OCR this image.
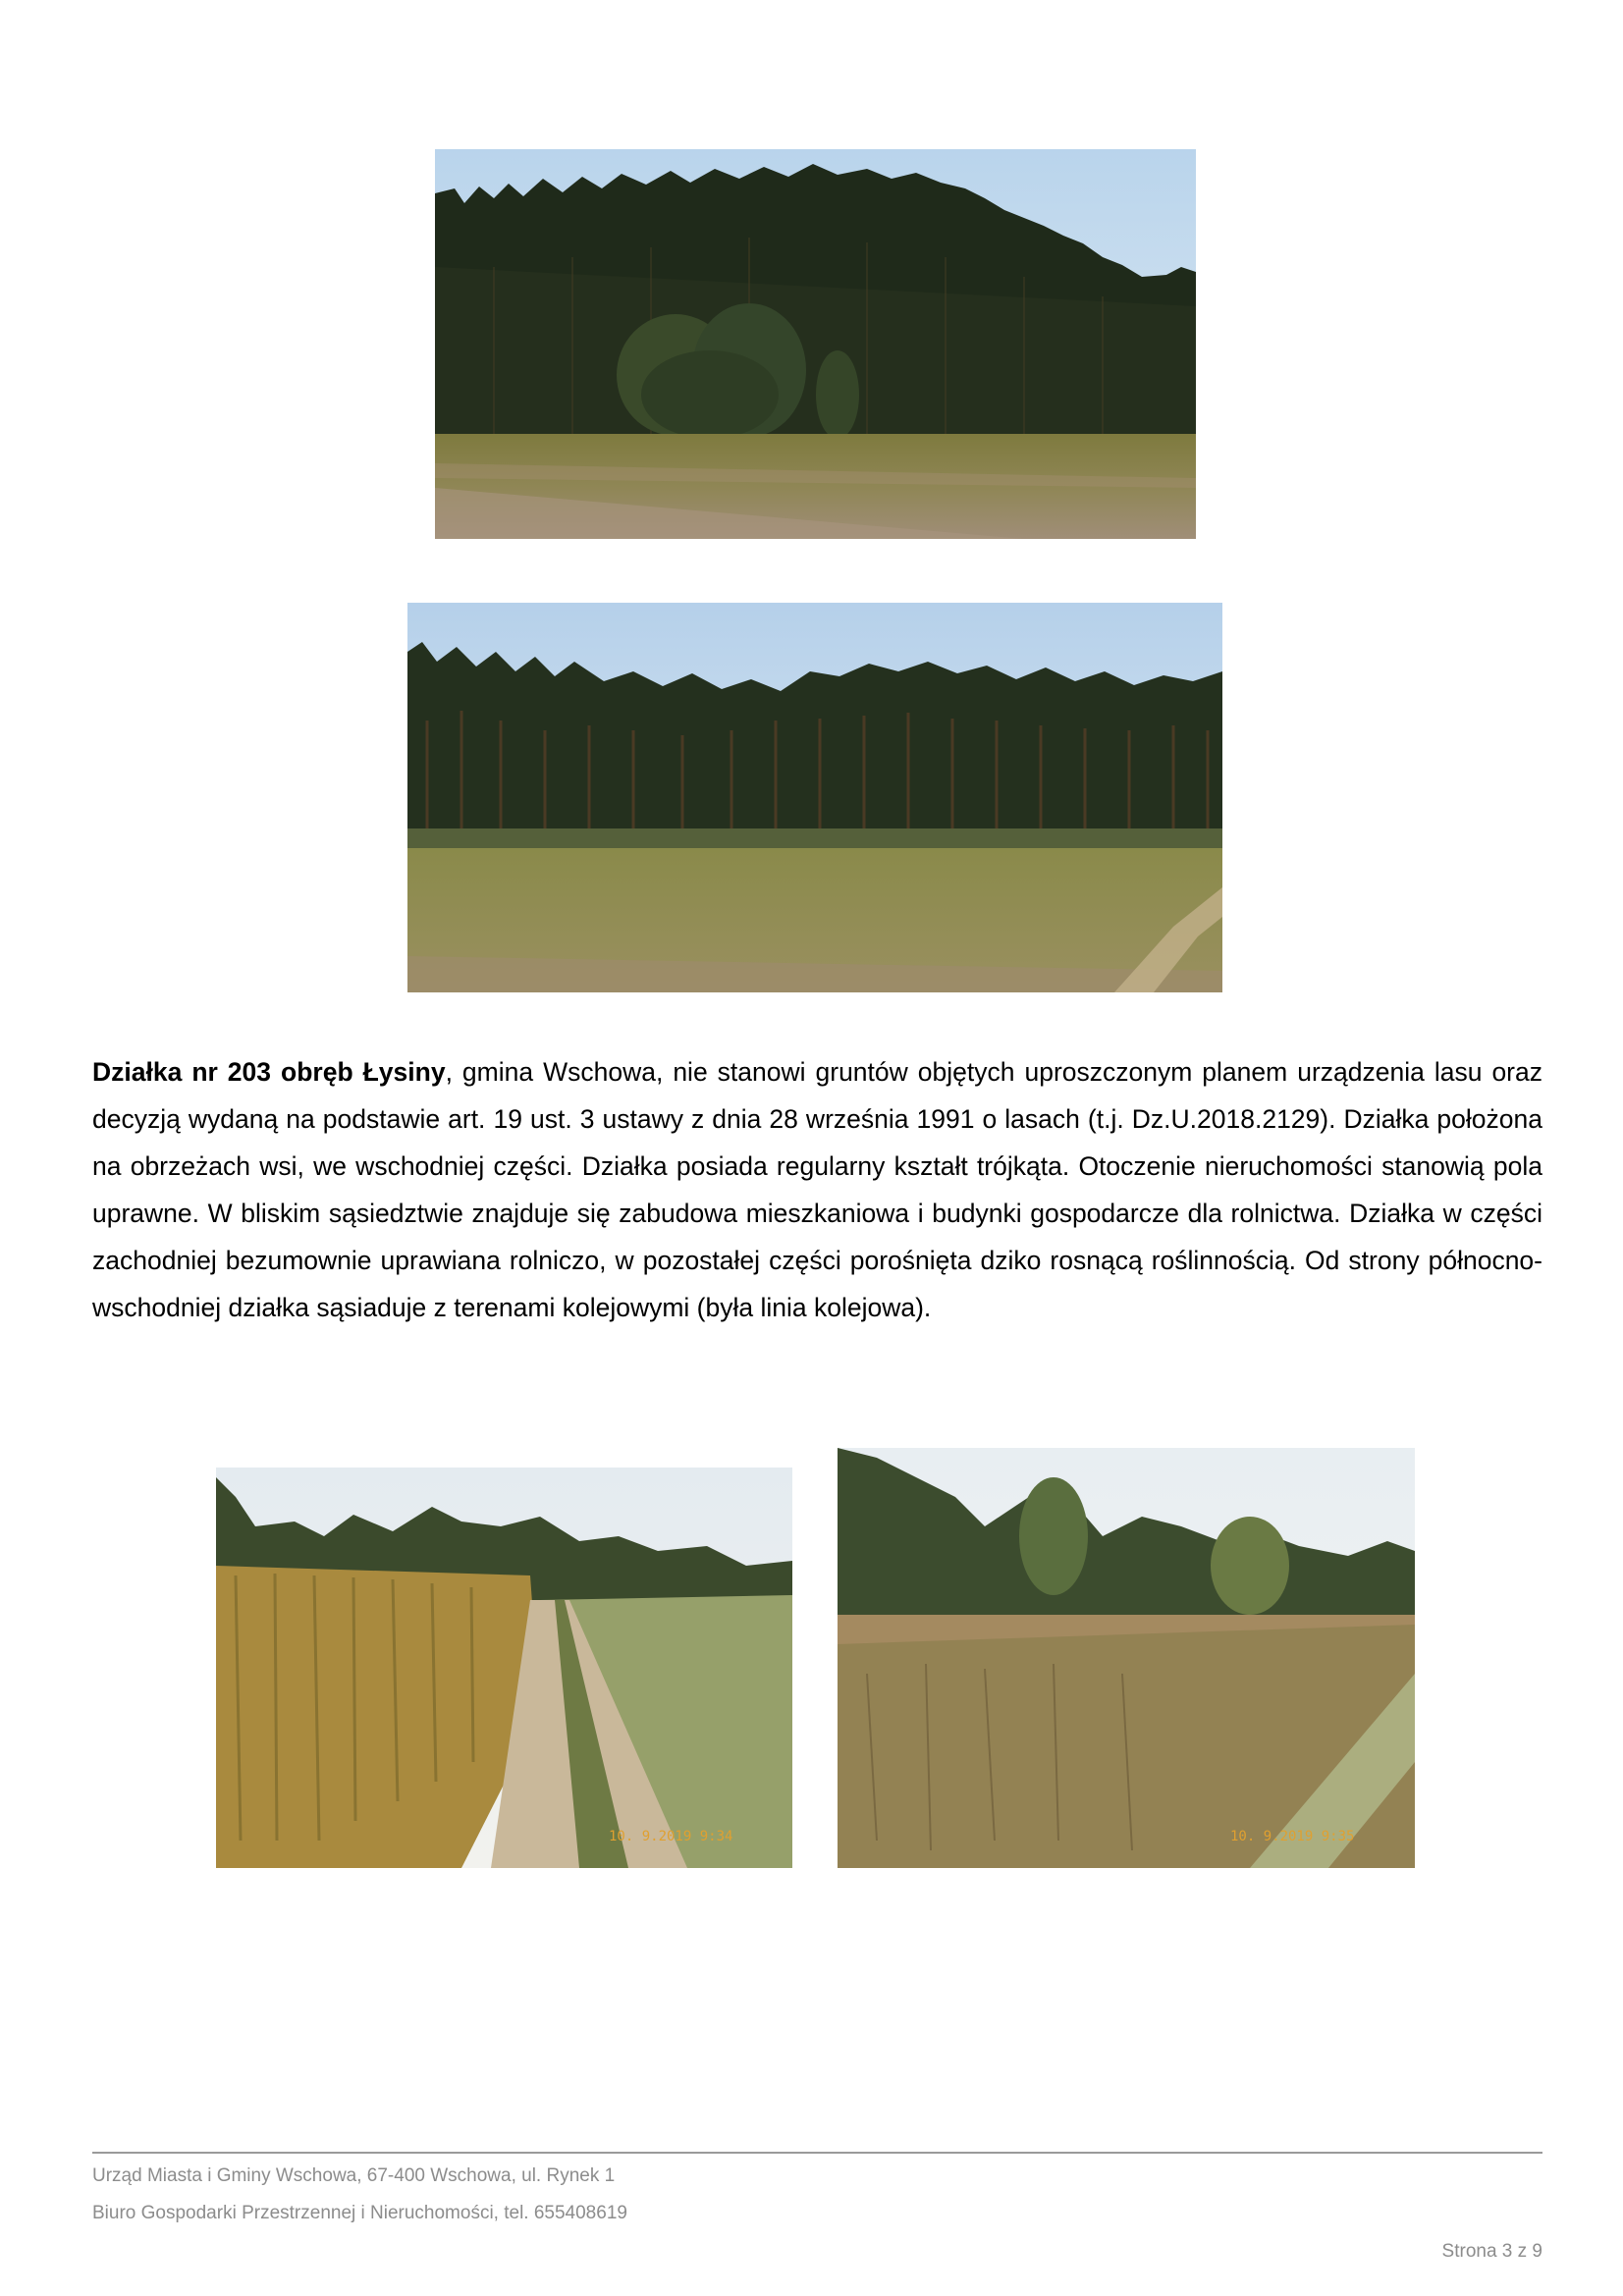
Działka nr 203 obręb Łysiny, gmina Wschowa, nie stanowi gruntów objętych uproszczonym planem urządzenia lasu oraz decyzją wydaną na podstawie art. 19 ust. 3 ustawy z dnia 28 września 1991 o lasach (t.j. Dz.U.2018.2129). Działka położona na obrzeżach wsi, we wschodniej części. Działka posiada regularny kształt trójkąta. Otoczenie nieruchomości stanowią pola uprawne. W bliskim sąsiedztwie znajduje się zabudowa mieszkaniowa i budynki gospodarcze dla rolnictwa. Działka w części zachodniej bezumownie uprawiana rolniczo, w pozostałej części porośnięta dziko rosnącą roślinnością. Od strony północno-wschodniej działka sąsiaduje z terenami kolejowymi (była linia kolejowa).
10. 9.2019 9:34	10. 9.2019 9:35
Urząd Miasta i Gminy Wschowa, 67-400 Wschowa, ul. Rynek 1
Biuro Gospodarki Przestrzennej i Nieruchomości, tel. 655408619
Strona 3 z 9
